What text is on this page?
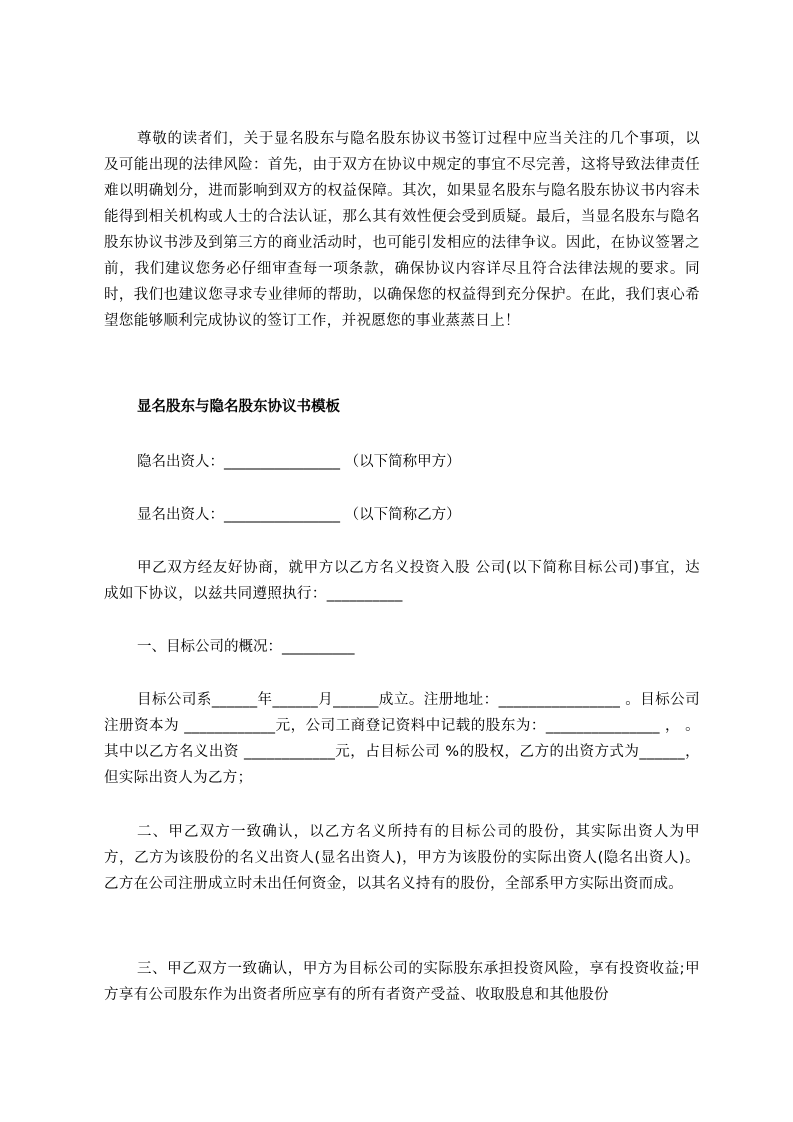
尊敬的读者们，关于显名股东与隐名股东协议书签订过程中应当关注的几个事项，以及可能出现的法律风险：首先，由于双方在协议中规定的事宜不尽完善，这将导致法律责任难以明确划分，进而影响到双方的权益保障。其次，如果显名股东与隐名股东协议书内容未能得到相关机构或人士的合法认证，那么其有效性便会受到质疑。最后，当显名股东与隐名股东协议书涉及到第三方的商业活动时，也可能引发相应的法律争议。因此，在协议签署之前，我们建议您务必仔细审查每一项条款，确保协议内容详尽且符合法律法规的要求。同时，我们也建议您寻求专业律师的帮助，以确保您的权益得到充分保护。在此，我们衷心希望您能够顺利完成协议的签订工作，并祝愿您的事业蒸蒸日上！

显名股东与隐名股东协议书模板

隐名出资人：________________ （以下简称甲方）

显名出资人：________________ （以下简称乙方）

甲乙双方经友好协商，就甲方以乙方名义投资入股 公司(以下简称目标公司)事宜，达成如下协议，以兹共同遵照执行：__________

一、目标公司的概况：__________

目标公司系______年______月______成立。注册地址：________________ 。目标公司注册资本为 ____________元，公司工商登记资料中记载的股东为：_______________ ， 。 其中以乙方名义出资 ____________元，占目标公司 %的股权，乙方的出资方式为______，但实际出资人为乙方；

二、甲乙双方一致确认，以乙方名义所持有的目标公司的股份，其实际出资人为甲方，乙方为该股份的名义出资人(显名出资人)，甲方为该股份的实际出资人(隐名出资人)。乙方在公司注册成立时未出任何资金，以其名义持有的股份，全部系甲方实际出资而成。

三、甲乙双方一致确认，甲方为目标公司的实际股东承担投资风险，享有投资收益;甲方享有公司股东作为出资者所应享有的所有者资产受益、收取股息和其他股份
